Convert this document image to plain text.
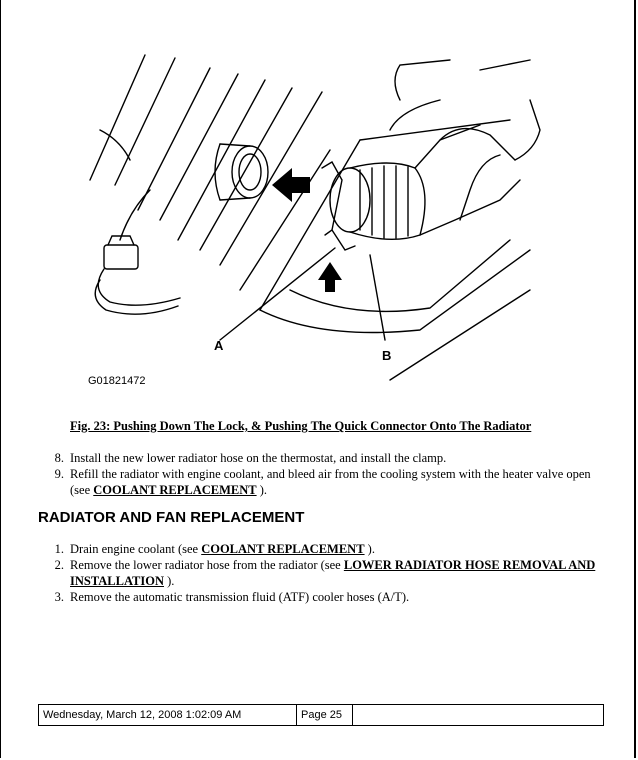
A
B
G01821472
Fig. 23: Pushing Down The Lock, & Pushing The Quick Connector Onto The Radiator
8. Install the new lower radiator hose on the thermostat, and install the clamp.
9. Refill the radiator with engine coolant, and bleed air from the cooling system with the heater valve open (see COOLANT REPLACEMENT ).
RADIATOR AND FAN REPLACEMENT
1. Drain engine coolant (see COOLANT REPLACEMENT ).
2. Remove the lower radiator hose from the radiator (see LOWER RADIATOR HOSE REMOVAL AND INSTALLATION ).
3. Remove the automatic transmission fluid (ATF) cooler hoses (A/T).
Wednesday, March 12, 2008 1:02:09 AM	Page 25
